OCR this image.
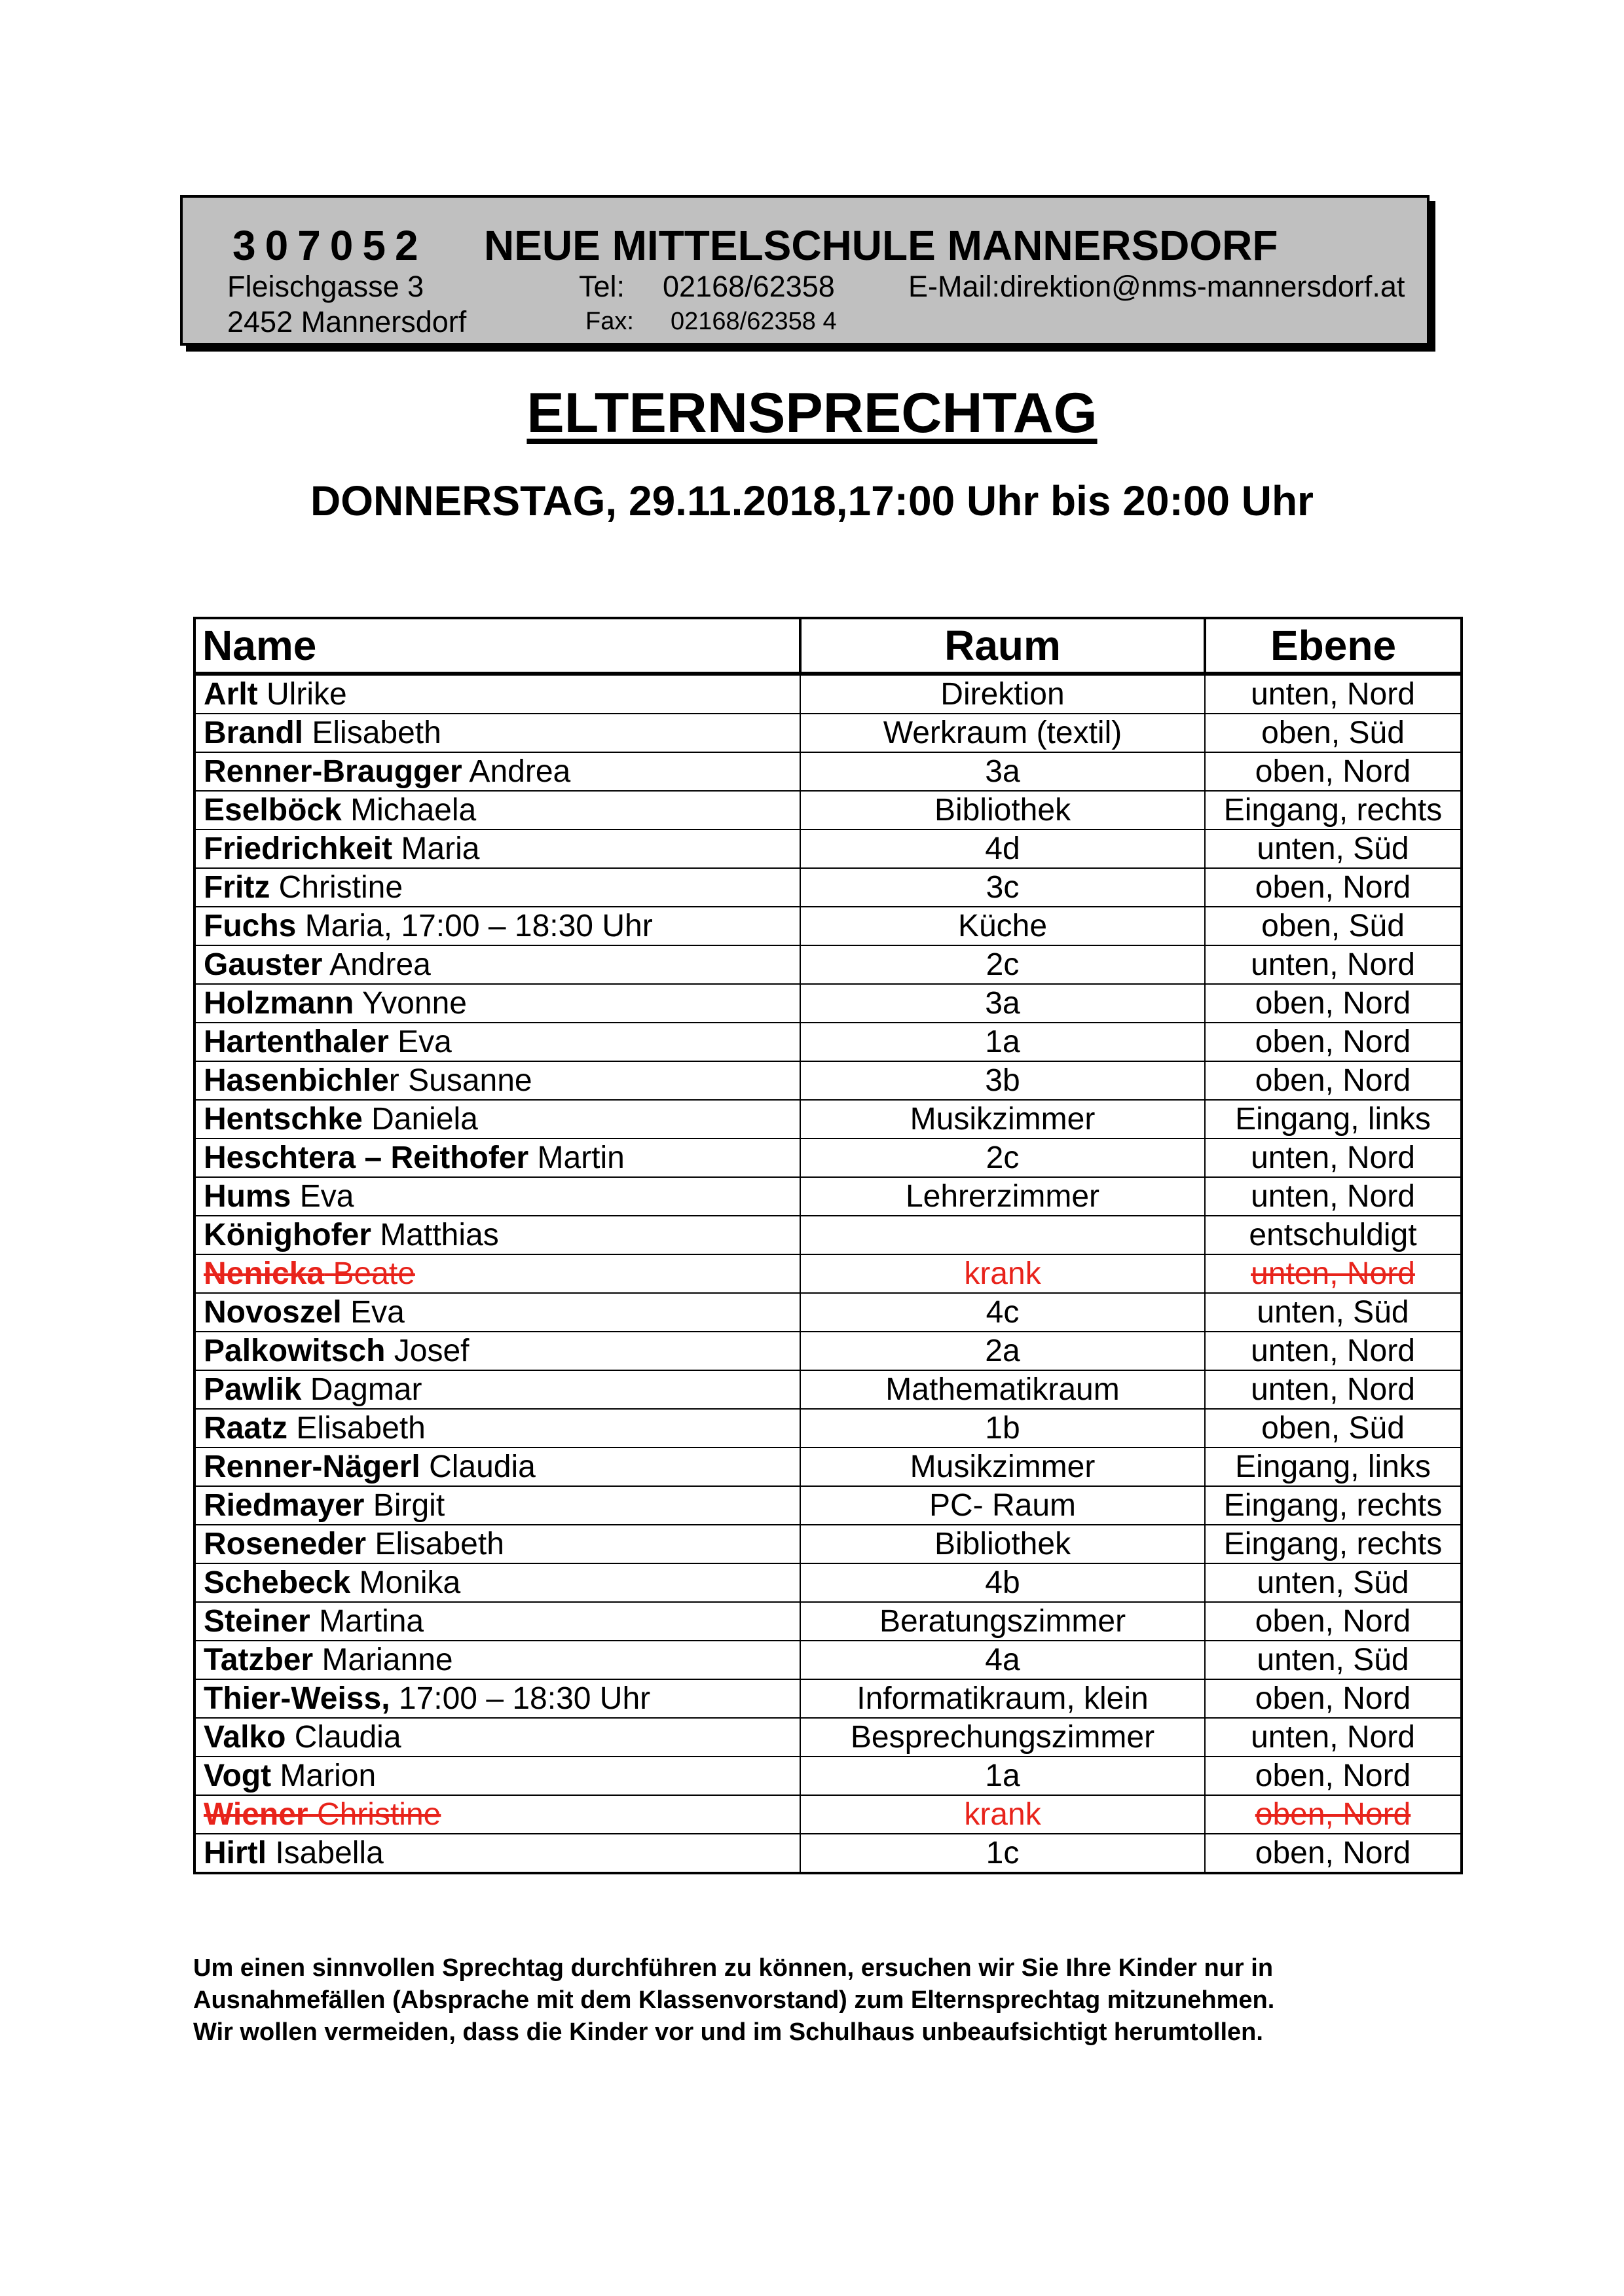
307052 NEUE MITTELSCHULE MANNERSDORF
Fleischgasse 3
2452 Mannersdorf
Tel: 02168/62358
Fax: 02168/62358 4
E-Mail:direktion@nms-mannersdorf.at
ELTERNSPRECHTAG
DONNERSTAG, 29.11.2018,17:00 Uhr bis 20:00 Uhr
Name	Raum	Ebene
Arlt Ulrike	Direktion	unten, Nord
Brandl Elisabeth	Werkraum (textil)	oben, Süd
Renner-Braugger Andrea	3a	oben, Nord
Eselböck Michaela	Bibliothek	Eingang, rechts
Friedrichkeit Maria	4d	unten, Süd
Fritz Christine	3c	oben, Nord
Fuchs Maria, 17:00 – 18:30 Uhr	Küche	oben, Süd
Gauster Andrea	2c	unten, Nord
Holzmann Yvonne	3a	oben, Nord
Hartenthaler Eva	1a	oben, Nord
Hasenbichler Susanne	3b	oben, Nord
Hentschke Daniela	Musikzimmer	Eingang, links
Heschtera – Reithofer Martin	2c	unten, Nord
Hums Eva	Lehrerzimmer	unten, Nord
Könighofer Matthias		entschuldigt
Nenicka Beate	krank	unten, Nord
Novoszel Eva	4c	unten, Süd
Palkowitsch Josef	2a	unten, Nord
Pawlik Dagmar	Mathematikraum	unten, Nord
Raatz Elisabeth	1b	oben, Süd
Renner-Nägerl Claudia	Musikzimmer	Eingang, links
Riedmayer Birgit	PC- Raum	Eingang, rechts
Roseneder Elisabeth	Bibliothek	Eingang, rechts
Schebeck Monika	4b	unten, Süd
Steiner Martina	Beratungszimmer	oben, Nord
Tatzber Marianne	4a	unten, Süd
Thier-Weiss, 17:00 – 18:30 Uhr	Informatikraum, klein	oben, Nord
Valko Claudia	Besprechungszimmer	unten, Nord
Vogt Marion	1a	oben, Nord
Wiener Christine	krank	oben, Nord
Hirtl Isabella	1c	oben, Nord
Um einen sinnvollen Sprechtag durchführen zu können, ersuchen wir Sie Ihre Kinder nur in
Ausnahmefällen (Absprache mit dem Klassenvorstand) zum Elternsprechtag mitzunehmen.
Wir wollen vermeiden, dass die Kinder vor und im Schulhaus unbeaufsichtigt herumtollen.
